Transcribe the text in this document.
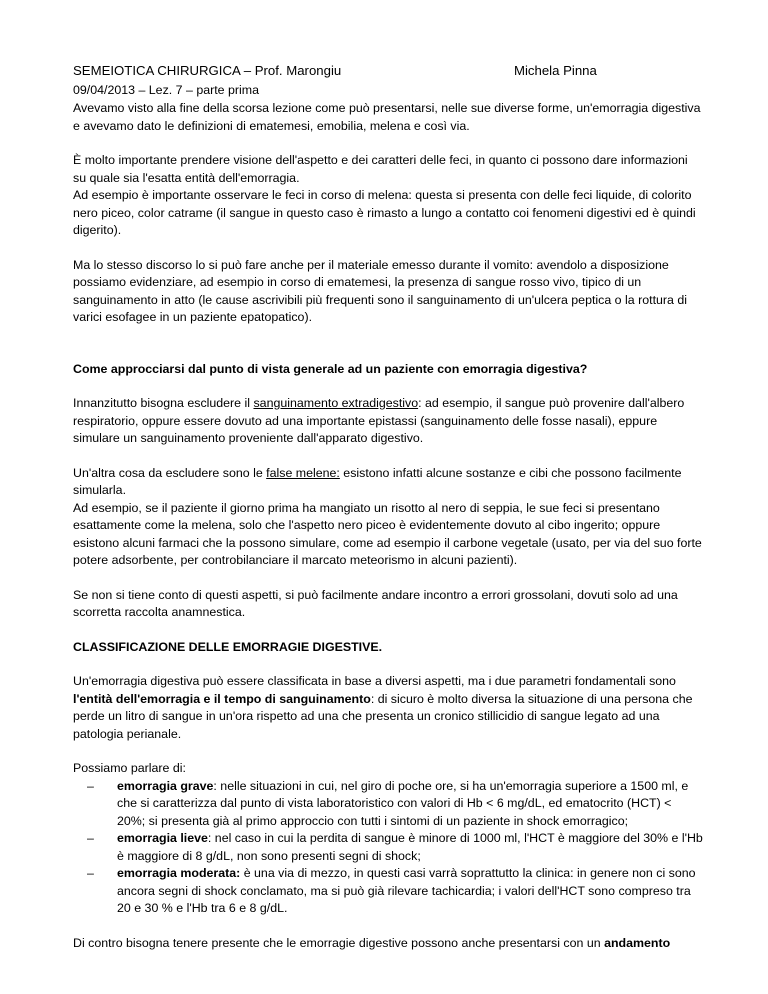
SEMEIOTICA CHIRURGICA – Prof. Marongiu	Michela Pinna
09/04/2013 – Lez. 7 – parte prima

Avevamo visto alla fine della scorsa lezione come può presentarsi, nelle sue diverse forme, un'emorragia digestiva e avevamo dato le definizioni di ematemesi, emobilia, melena e così via.

È molto importante prendere visione dell'aspetto e dei caratteri delle feci, in quanto ci possono dare informazioni su quale sia l'esatta entità dell'emorragia.
Ad esempio è importante osservare le feci in corso di melena: questa si presenta con delle feci liquide, di colorito nero piceo, color catrame (il sangue in questo caso è rimasto a lungo a contatto coi fenomeni digestivi ed è quindi digerito).

Ma lo stesso discorso lo si può fare anche per il materiale emesso durante il vomito: avendolo a disposizione possiamo evidenziare, ad esempio in corso di ematemesi, la presenza di sangue rosso vivo, tipico di un sanguinamento in atto (le cause ascrivibili più frequenti sono il sanguinamento di un'ulcera peptica o la rottura di varici esofagee in un paziente epatopatico).

Come approcciarsi dal punto di vista generale ad un paziente con emorragia digestiva?

Innanzitutto bisogna escludere il sanguinamento extradigestivo: ad esempio, il sangue può provenire dall'albero respiratorio, oppure essere dovuto ad una importante epistassi (sanguinamento delle fosse nasali), eppure simulare un sanguinamento proveniente dall'apparato digestivo.

Un'altra cosa da escludere sono le false melene: esistono infatti alcune sostanze e cibi che possono facilmente simularla.
Ad esempio, se il paziente il giorno prima ha mangiato un risotto al nero di seppia, le sue feci si presentano esattamente come la melena, solo che l'aspetto nero piceo è evidentemente dovuto al cibo ingerito; oppure esistono alcuni farmaci che la possono simulare, come ad esempio il carbone vegetale (usato, per via del suo forte potere adsorbente, per controbilanciare il marcato meteorismo in alcuni pazienti).

Se non si tiene conto di questi aspetti, si può facilmente andare incontro a errori grossolani, dovuti solo ad una scorretta raccolta anamnestica.

CLASSIFICAZIONE DELLE EMORRAGIE DIGESTIVE.

Un'emorragia digestiva può essere classificata in base a diversi aspetti, ma i due parametri fondamentali sono l'entità dell'emorragia e il tempo di sanguinamento: di sicuro è molto diversa la situazione di una persona che perde un litro di sangue in un'ora rispetto ad una che presenta un cronico stillicidio di sangue legato ad una patologia perianale.

Possiamo parlare di:

– emorragia grave: nelle situazioni in cui, nel giro di poche ore, si ha un'emorragia superiore a 1500 ml, e che si caratterizza dal punto di vista laboratoristico con valori di Hb < 6 mg/dL, ed ematocrito (HCT) < 20%; si presenta già al primo approccio con tutti i sintomi di un paziente in shock emorragico;
– emorragia lieve: nel caso in cui la perdita di sangue è minore di 1000 ml, l'HCT è maggiore del 30% e l'Hb è maggiore di 8 g/dL, non sono presenti segni di shock;
– emorragia moderata: è una via di mezzo, in questi casi varrà soprattutto la clinica: in genere non ci sono ancora segni di shock conclamato, ma si può già rilevare tachicardia; i valori dell'HCT sono compreso tra 20 e 30 % e l'Hb tra 6 e 8 g/dL.

Di contro bisogna tenere presente che le emorragie digestive possono anche presentarsi con un andamento
